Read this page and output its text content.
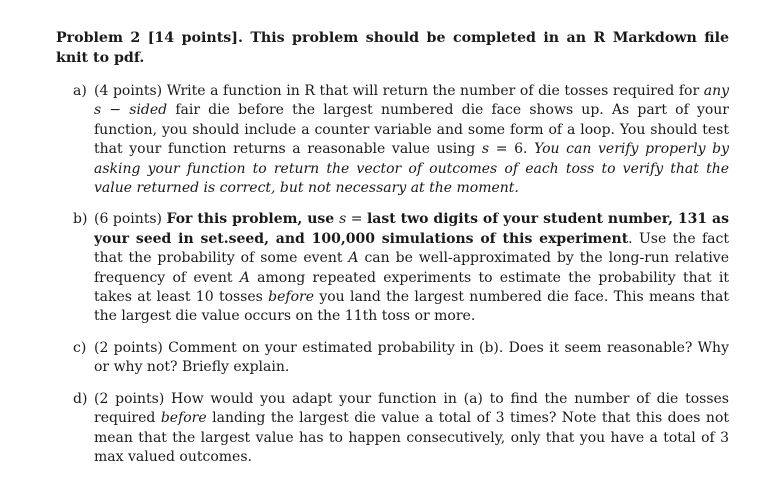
Problem 2 [14 points]. This problem should be completed in an R Markdown file knit to pdf.

a) (4 points) Write a function in R that will return the number of die tosses required for any s − sided fair die before the largest numbered die face shows up. As part of your function, you should include a counter variable and some form of a loop. You should test that your function returns a reasonable value using s = 6. You can verify properly by asking your function to return the vector of outcomes of each toss to verify that the value returned is correct, but not necessary at the moment.
b) (6 points) For this problem, use s = last two digits of your student number, 131 as your seed in set.seed, and 100,000 simulations of this experiment. Use the fact that the probability of some event A can be well-approximated by the long-run relative frequency of event A among repeated experiments to estimate the probability that it takes at least 10 tosses before you land the largest numbered die face. This means that the largest die value occurs on the 11th toss or more.
c) (2 points) Comment on your estimated probability in (b). Does it seem reasonable? Why or why not? Briefly explain.
d) (2 points) How would you adapt your function in (a) to find the number of die tosses required before landing the largest die value a total of 3 times? Note that this does not mean that the largest value has to happen consecutively, only that you have a total of 3 max valued outcomes.
